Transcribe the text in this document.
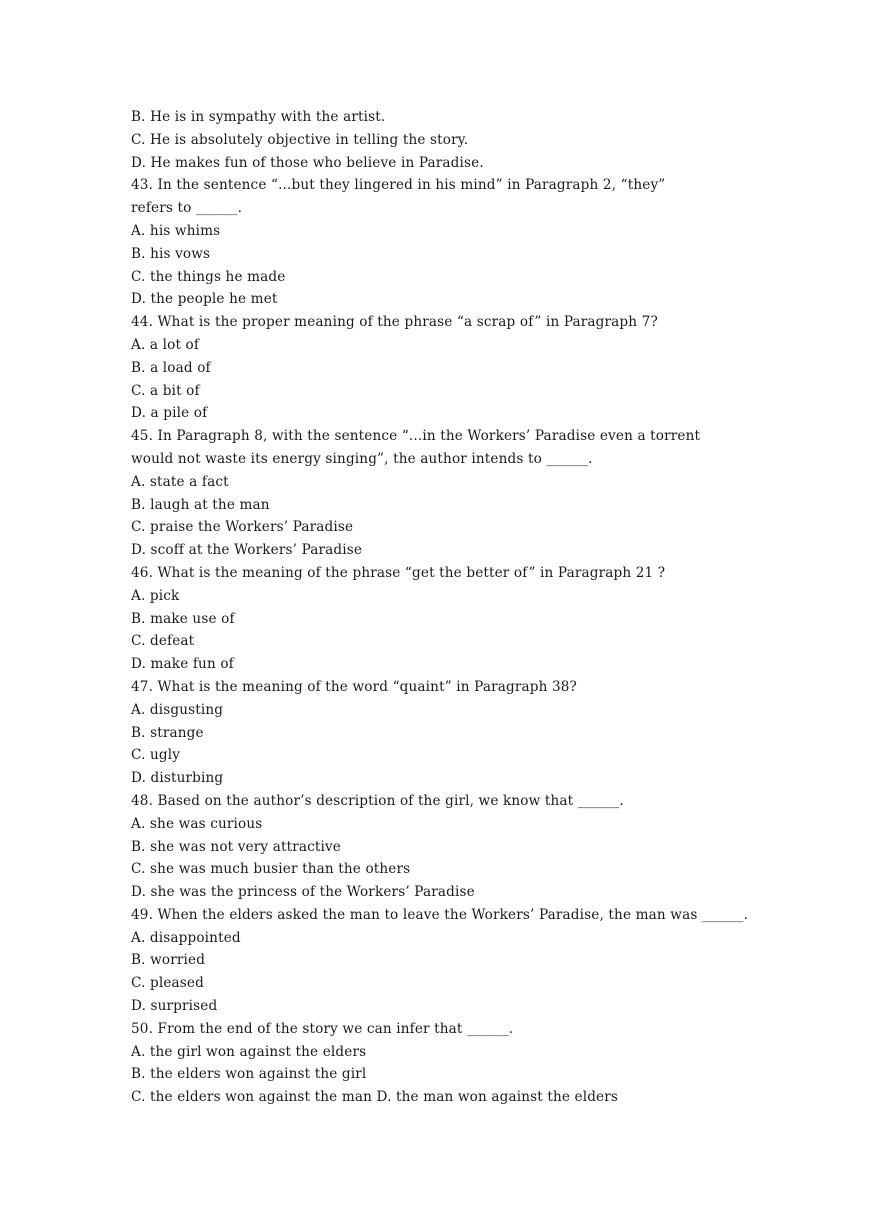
B. He is in sympathy with the artist.
C. He is absolutely objective in telling the story.
D. He makes fun of those who believe in Paradise.
43. In the sentence “...but they lingered in his mind” in Paragraph 2, “they”
refers to ______.
A. his whims
B. his vows
C. the things he made
D. the people he met
44. What is the proper meaning of the phrase “a scrap of” in Paragraph 7?
A. a lot of
B. a load of
C. a bit of
D. a pile of
45. In Paragraph 8, with the sentence “...in the Workers’ Paradise even a torrent
would not waste its energy singing”, the author intends to ______.
A. state a fact
B. laugh at the man
C. praise the Workers’ Paradise
D. scoff at the Workers’ Paradise
46. What is the meaning of the phrase “get the better of” in Paragraph 21 ?
A. pick
B. make use of
C. defeat
D. make fun of
47. What is the meaning of the word “quaint” in Paragraph 38?
A. disgusting
B. strange
C. ugly
D. disturbing
48. Based on the author’s description of the girl, we know that ______.
A. she was curious
B. she was not very attractive
C. she was much busier than the others
D. she was the princess of the Workers’ Paradise
49. When the elders asked the man to leave the Workers’ Paradise, the man was ______.
A. disappointed
B. worried
C. pleased
D. surprised
50. From the end of the story we can infer that ______.
A. the girl won against the elders
B. the elders won against the girl
C. the elders won against the man D. the man won against the elders
